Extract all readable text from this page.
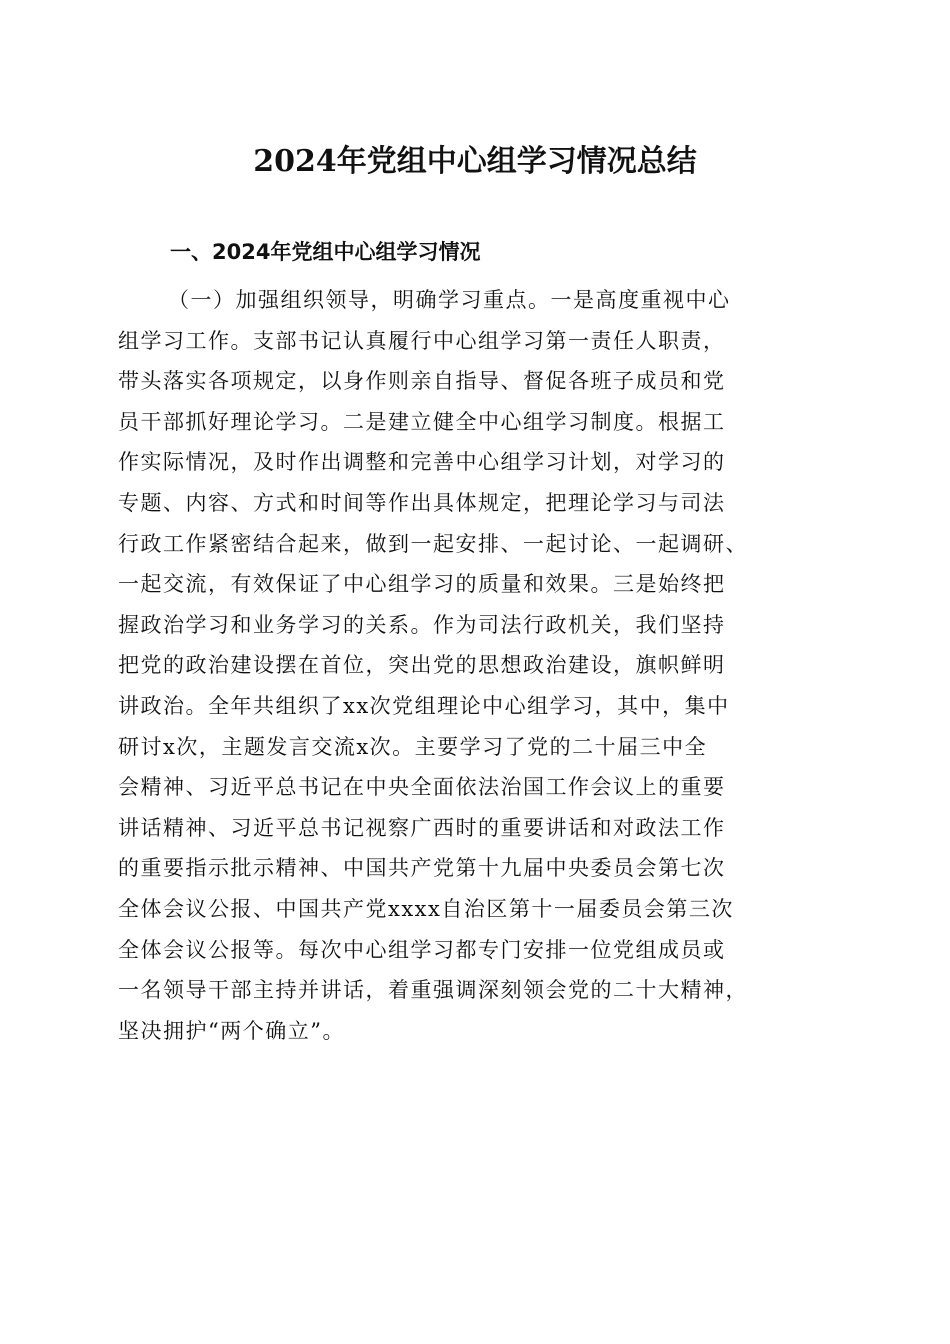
2024年党组中心组学习情况总结
一、2024年党组中心组学习情况
（一）加强组织领导，明确学习重点。一是高度重视中心
组学习工作。支部书记认真履行中心组学习第一责任人职责，
带头落实各项规定，以身作则亲自指导、督促各班子成员和党
员干部抓好理论学习。二是建立健全中心组学习制度。根据工
作实际情况，及时作出调整和完善中心组学习计划，对学习的
专题、内容、方式和时间等作出具体规定，把理论学习与司法
行政工作紧密结合起来，做到一起安排、一起讨论、一起调研、
一起交流，有效保证了中心组学习的质量和效果。三是始终把
握政治学习和业务学习的关系。作为司法行政机关，我们坚持
把党的政治建设摆在首位，突出党的思想政治建设，旗帜鲜明
讲政治。全年共组织了xx次党组理论中心组学习，其中，集中
研讨x次，主题发言交流x次。主要学习了党的二十届三中全
会精神、习近平总书记在中央全面依法治国工作会议上的重要
讲话精神、习近平总书记视察广西时的重要讲话和对政法工作
的重要指示批示精神、中国共产党第十九届中央委员会第七次
全体会议公报、中国共产党xxxx自治区第十一届委员会第三次
全体会议公报等。每次中心组学习都专门安排一位党组成员或
一名领导干部主持并讲话，着重强调深刻领会党的二十大精神，
坚决拥护“两个确立”。
